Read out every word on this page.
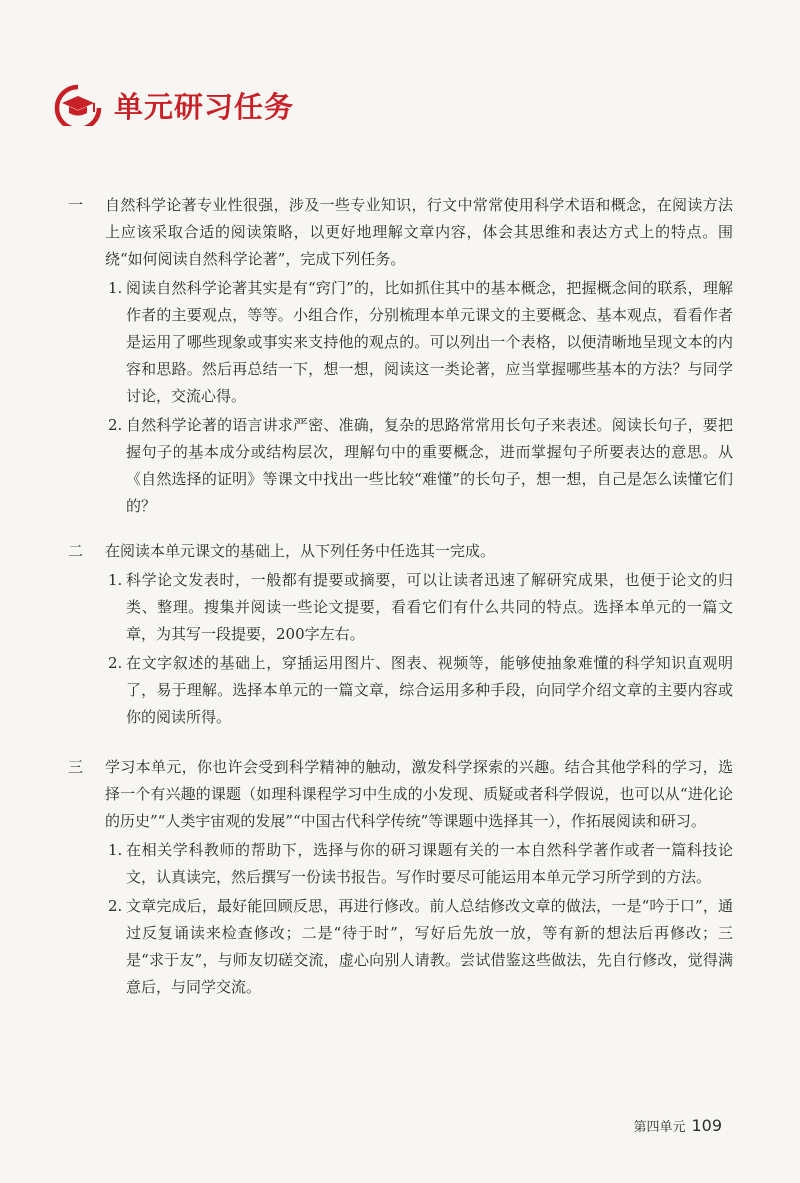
单元研习任务
一 自然科学论著专业性很强，涉及一些专业知识，行文中常常使用科学术语和概念，在阅读方法上应该采取合适的阅读策略，以更好地理解文章内容，体会其思维和表达方式上的特点。围绕“如何阅读自然科学论著”，完成下列任务。
1. 阅读自然科学论著其实是有“窍门”的，比如抓住其中的基本概念，把握概念间的联系，理解作者的主要观点，等等。小组合作，分别梳理本单元课文的主要概念、基本观点，看看作者是运用了哪些现象或事实来支持他的观点的。可以列出一个表格，以便清晰地呈现文本的内容和思路。然后再总结一下，想一想，阅读这一类论著，应当掌握哪些基本的方法？与同学讨论，交流心得。
2. 自然科学论著的语言讲求严密、准确，复杂的思路常常用长句子来表述。阅读长句子，要把握句子的基本成分或结构层次，理解句中的重要概念，进而掌握句子所要表达的意思。从《自然选择的证明》等课文中找出一些比较“难懂”的长句子，想一想，自己是怎么读懂它们的？
二 在阅读本单元课文的基础上，从下列任务中任选其一完成。
1. 科学论文发表时，一般都有提要或摘要，可以让读者迅速了解研究成果，也便于论文的归类、整理。搜集并阅读一些论文提要，看看它们有什么共同的特点。选择本单元的一篇文章，为其写一段提要，200字左右。
2. 在文字叙述的基础上，穿插运用图片、图表、视频等，能够使抽象难懂的科学知识直观明了，易于理解。选择本单元的一篇文章，综合运用多种手段，向同学介绍文章的主要内容或你的阅读所得。
三 学习本单元，你也许会受到科学精神的触动，激发科学探索的兴趣。结合其他学科的学习，选择一个有兴趣的课题（如理科课程学习中生成的小发现、质疑或者科学假说，也可以从“进化论的历史”“人类宇宙观的发展”“中国古代科学传统”等课题中选择其一），作拓展阅读和研习。
1. 在相关学科教师的帮助下，选择与你的研习课题有关的一本自然科学著作或者一篇科技论文，认真读完，然后撰写一份读书报告。写作时要尽可能运用本单元学习所学到的方法。
2. 文章完成后，最好能回顾反思，再进行修改。前人总结修改文章的做法，一是“吟于口”，通过反复诵读来检查修改；二是“待于时”，写好后先放一放，等有新的想法后再修改；三是“求于友”，与师友切磋交流，虚心向别人请教。尝试借鉴这些做法，先自行修改，觉得满意后，与同学交流。
第四单元 109
